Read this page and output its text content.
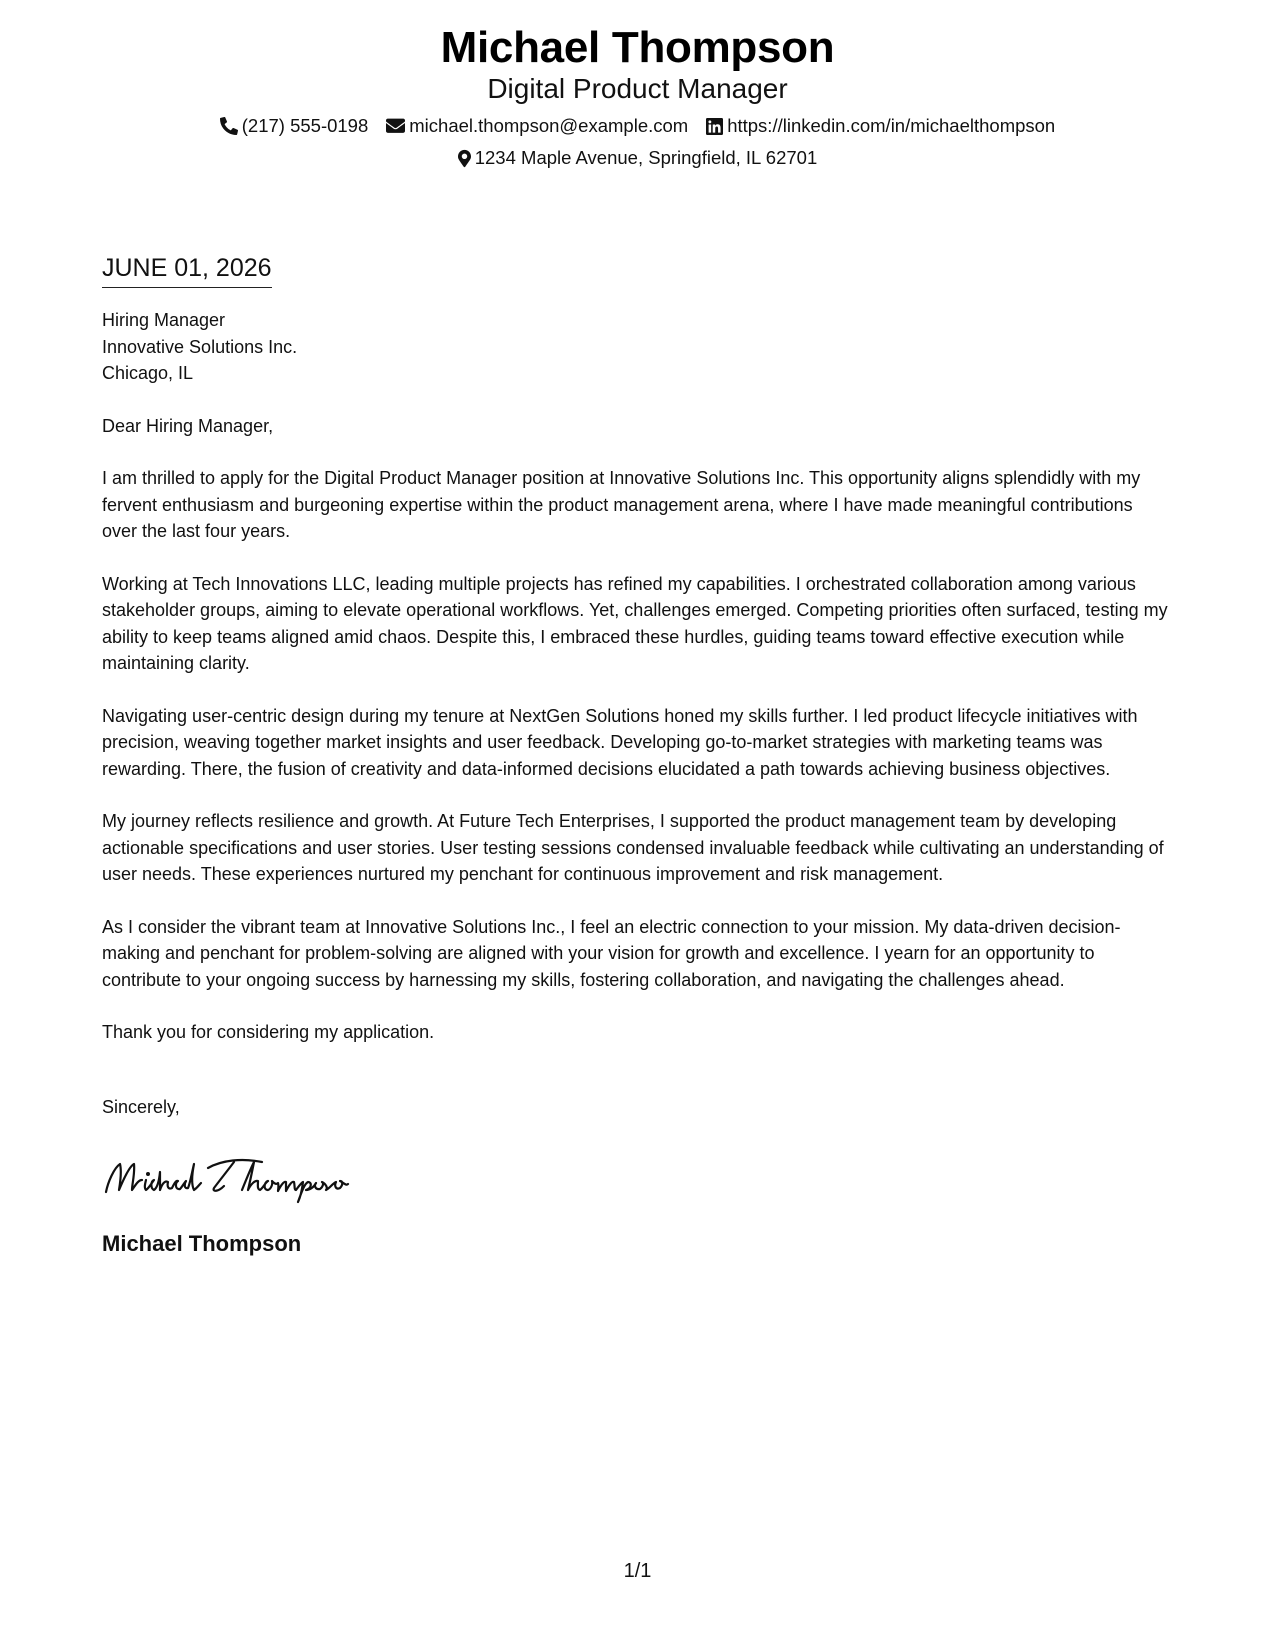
Michael Thompson
Digital Product Manager
(217) 555-0198 michael.thompson@example.com https://linkedin.com/in/michaelthompson
1234 Maple Avenue, Springfield, IL 62701
JUNE 01, 2026
Hiring Manager
Innovative Solutions Inc.
Chicago, IL
Dear Hiring Manager,

I am thrilled to apply for the Digital Product Manager position at Innovative Solutions Inc. This opportunity aligns splendidly with my fervent enthusiasm and burgeoning expertise within the product management arena, where I have made meaningful contributions over the last four years.

Working at Tech Innovations LLC, leading multiple projects has refined my capabilities. I orchestrated collaboration among various stakeholder groups, aiming to elevate operational workflows. Yet, challenges emerged. Competing priorities often surfaced, testing my ability to keep teams aligned amid chaos. Despite this, I embraced these hurdles, guiding teams toward effective execution while maintaining clarity.

Navigating user-centric design during my tenure at NextGen Solutions honed my skills further. I led product lifecycle initiatives with precision, weaving together market insights and user feedback. Developing go-to-market strategies with marketing teams was rewarding. There, the fusion of creativity and data-informed decisions elucidated a path towards achieving business objectives.

My journey reflects resilience and growth. At Future Tech Enterprises, I supported the product management team by developing actionable specifications and user stories. User testing sessions condensed invaluable feedback while cultivating an understanding of user needs. These experiences nurtured my penchant for continuous improvement and risk management.

As I consider the vibrant team at Innovative Solutions Inc., I feel an electric connection to your mission. My data-driven decision-making and penchant for problem-solving are aligned with your vision for growth and excellence. I yearn for an opportunity to contribute to your ongoing success by harnessing my skills, fostering collaboration, and navigating the challenges ahead.

Thank you for considering my application.

Sincerely,
Michael Thompson
1/1
